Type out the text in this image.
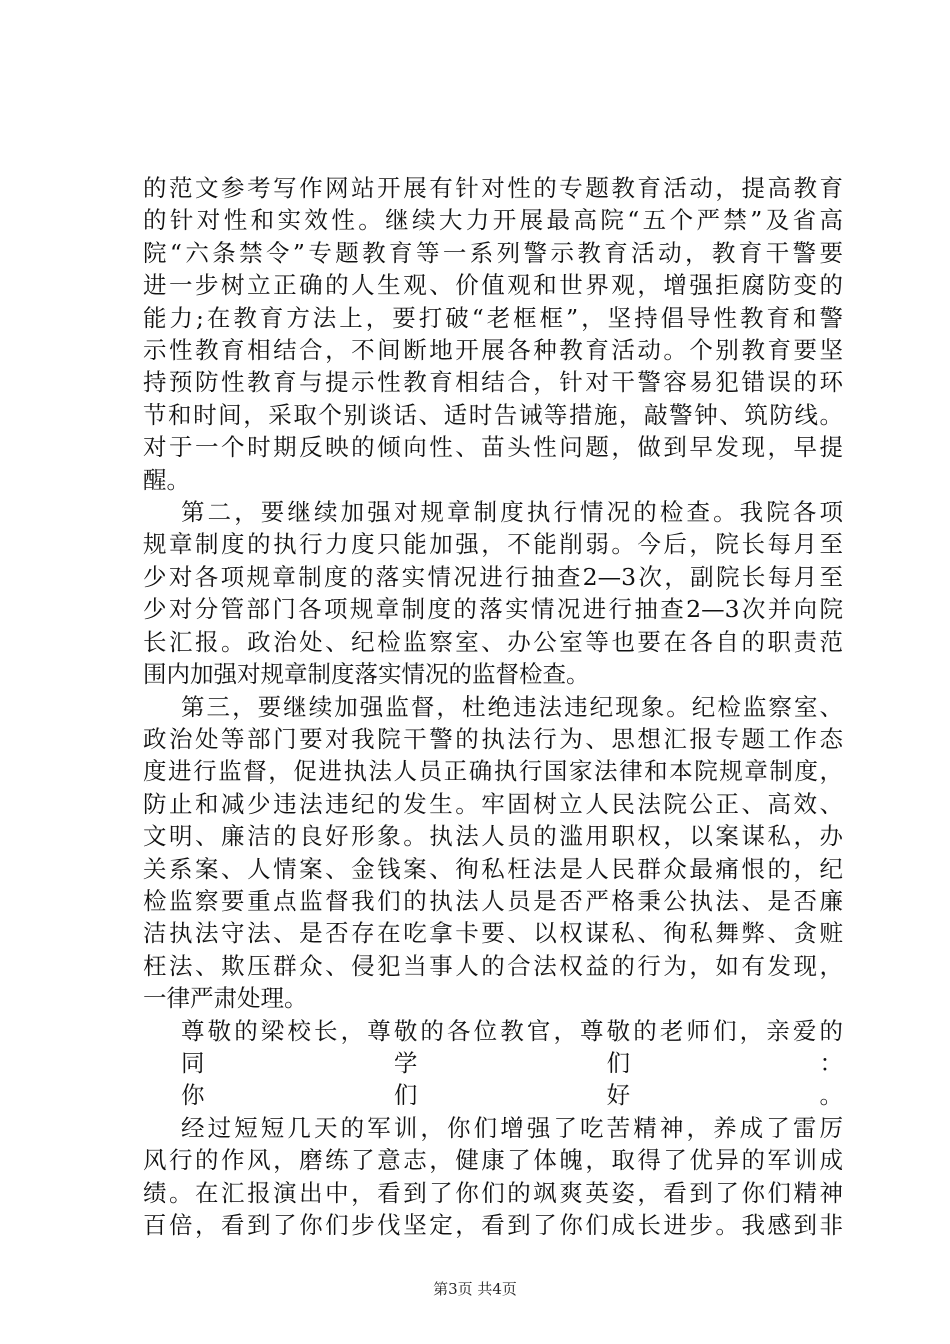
的范文参考写作网站开展有针对性的专题教育活动，提高教育

的针对性和实效性。继续大力开展最高院“五个严禁”及省高

院“六条禁令”专题教育等一系列警示教育活动，教育干警要

进一步树立正确的人生观、价值观和世界观，增强拒腐防变的

能力;在教育方法上，要打破“老框框”，坚持倡导性教育和警

示性教育相结合，不间断地开展各种教育活动。个别教育要坚

持预防性教育与提示性教育相结合，针对干警容易犯错误的环

节和时间，采取个别谈话、适时告诫等措施，敲警钟、筑防线。

对于一个时期反映的倾向性、苗头性问题，做到早发现，早提

醒。

第二，要继续加强对规章制度执行情况的检查。我院各项

规章制度的执行力度只能加强，不能削弱。今后，院长每月至

少对各项规章制度的落实情况进行抽查2—3次，副院长每月至

少对分管部门各项规章制度的落实情况进行抽查2—3次并向院

长汇报。政治处、纪检监察室、办公室等也要在各自的职责范

围内加强对规章制度落实情况的监督检查。

第三，要继续加强监督，杜绝违法违纪现象。纪检监察室、

政治处等部门要对我院干警的执法行为、思想汇报专题工作态

度进行监督，促进执法人员正确执行国家法律和本院规章制度，

防止和减少违法违纪的发生。牢固树立人民法院公正、高效、

文明、廉洁的良好形象。执法人员的滥用职权，以案谋私，办

关系案、人情案、金钱案、徇私枉法是人民群众最痛恨的，纪

检监察要重点监督我们的执法人员是否严格秉公执法、是否廉

洁执法守法、是否存在吃拿卡要、以权谋私、徇私舞弊、贪赃

枉法、欺压群众、侵犯当事人的合法权益的行为，如有发现，

一律严肃处理。

尊敬的梁校长，尊敬的各位教官，尊敬的老师们，亲爱的

同学们：

你们好。

经过短短几天的军训，你们增强了吃苦精神，养成了雷厉

风行的作风，磨练了意志，健康了体魄，取得了优异的军训成

绩。在汇报演出中，看到了你们的飒爽英姿，看到了你们精神

百倍，看到了你们步伐坚定，看到了你们成长进步。我感到非

第3页 共4页
